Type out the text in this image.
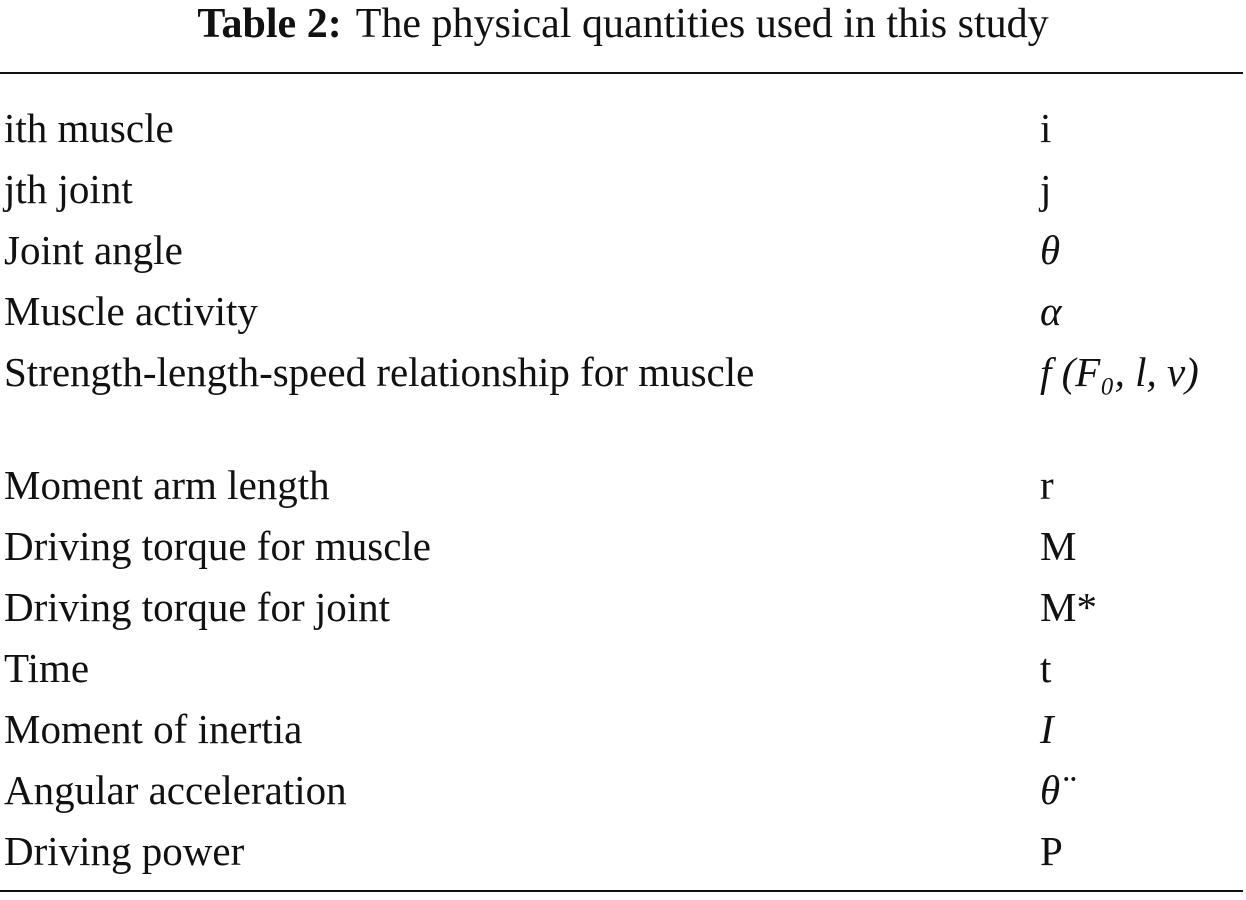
Table 2: The physical quantities used in this study
ith muscle	i
jth joint	j
Joint angle	θ
Muscle activity	α
Strength-length-speed relationship for muscle	f (F₀, l, v)
Moment arm length	r
Driving torque for muscle	M
Driving torque for joint	M*
Time	t
Moment of inertia	I
Angular acceleration	θ̈
Driving power	P
